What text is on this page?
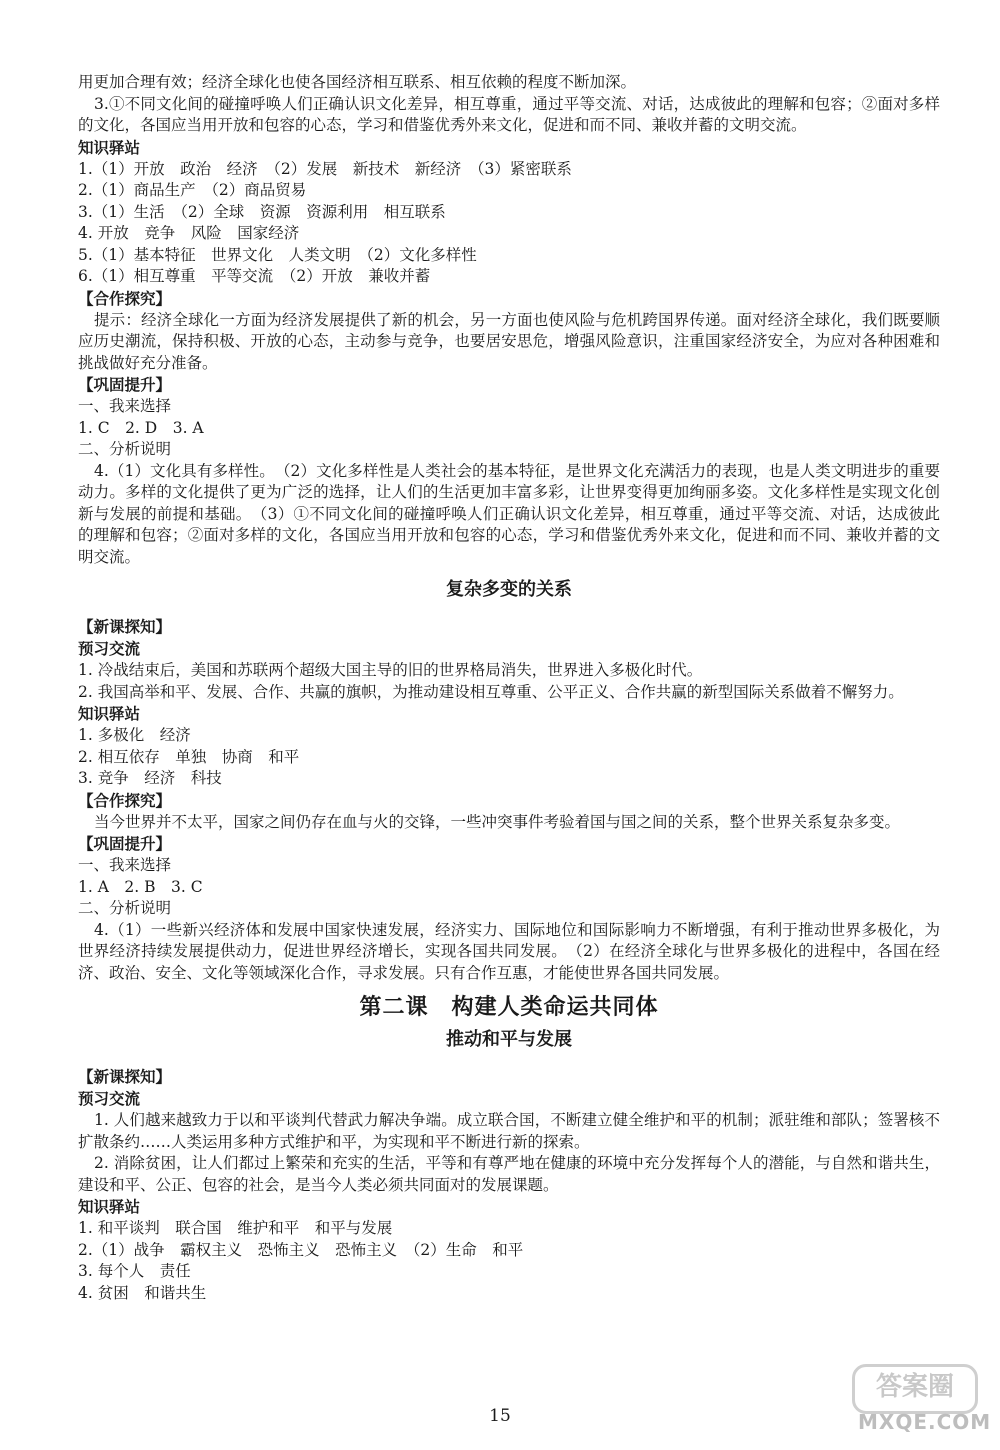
用更加合理有效；经济全球化也使各国经济相互联系、相互依赖的程度不断加深。
3.①不同文化间的碰撞呼唤人们正确认识文化差异，相互尊重，通过平等交流、对话，达成彼此的理解和包容；②面对多样的文化，各国应当用开放和包容的心态，学习和借鉴优秀外来文化，促进和而不同、兼收并蓄的文明交流。
知识驿站
1.（1）开放　政治　经济　（2）发展　新技术　新经济　（3）紧密联系
2.（1）商品生产　（2）商品贸易
3.（1）生活　（2）全球　资源　资源利用　相互联系
4. 开放　竞争　风险　国家经济
5.（1）基本特征　世界文化　人类文明　（2）文化多样性
6.（1）相互尊重　平等交流　（2）开放　兼收并蓄
【合作探究】
提示：经济全球化一方面为经济发展提供了新的机会，另一方面也使风险与危机跨国界传递。面对经济全球化，我们既要顺应历史潮流，保持积极、开放的心态，主动参与竞争，也要居安思危，增强风险意识，注重国家经济安全，为应对各种困难和挑战做好充分准备。
【巩固提升】
一、我来选择
1. C　2. D　3. A
二、分析说明
4.（1）文化具有多样性。　（2）文化多样性是人类社会的基本特征，是世界文化充满活力的表现，也是人类文明进步的重要动力。多样的文化提供了更为广泛的选择，让人们的生活更加丰富多彩，让世界变得更加绚丽多姿。文化多样性是实现文化创新与发展的前提和基础。　（3）①不同文化间的碰撞呼唤人们正确认识文化差异，相互尊重，通过平等交流、对话，达成彼此的理解和包容；②面对多样的文化，各国应当用开放和包容的心态，学习和借鉴优秀外来文化，促进和而不同、兼收并蓄的文明交流。
复杂多变的关系
【新课探知】
预习交流
1. 冷战结束后，美国和苏联两个超级大国主导的旧的世界格局消失，世界进入多极化时代。
2. 我国高举和平、发展、合作、共赢的旗帜，为推动建设相互尊重、公平正义、合作共赢的新型国际关系做着不懈努力。
知识驿站
1. 多极化　经济
2. 相互依存　单独　协商　和平
3. 竞争　经济　科技
【合作探究】
当今世界并不太平，国家之间仍存在血与火的交锋，一些冲突事件考验着国与国之间的关系，整个世界关系复杂多变。
【巩固提升】
一、我来选择
1. A　2. B　3. C
二、分析说明
4.（1）一些新兴经济体和发展中国家快速发展，经济实力、国际地位和国际影响力不断增强，有利于推动世界多极化，为世界经济持续发展提供动力，促进世界经济增长，实现各国共同发展。　（2）在经济全球化与世界多极化的进程中，各国在经济、政治、安全、文化等领域深化合作，寻求发展。只有合作互惠，才能使世界各国共同发展。
第二课　构建人类命运共同体
推动和平与发展
【新课探知】
预习交流
1. 人们越来越致力于以和平谈判代替武力解决争端。成立联合国，不断建立健全维护和平的机制；派驻维和部队；签署核不扩散条约……人类运用多种方式维护和平，为实现和平不断进行新的探索。
2. 消除贫困，让人们都过上繁荣和充实的生活，平等和有尊严地在健康的环境中充分发挥每个人的潜能，与自然和谐共生，建设和平、公正、包容的社会，是当今人类必须共同面对的发展课题。
知识驿站
1. 和平谈判　联合国　维护和平　和平与发展
2.（1）战争　霸权主义　恐怖主义　恐怖主义　（2）生命　和平
3. 每个人　责任
4. 贫困　和谐共生
15
答案圈
MXQE.COM
